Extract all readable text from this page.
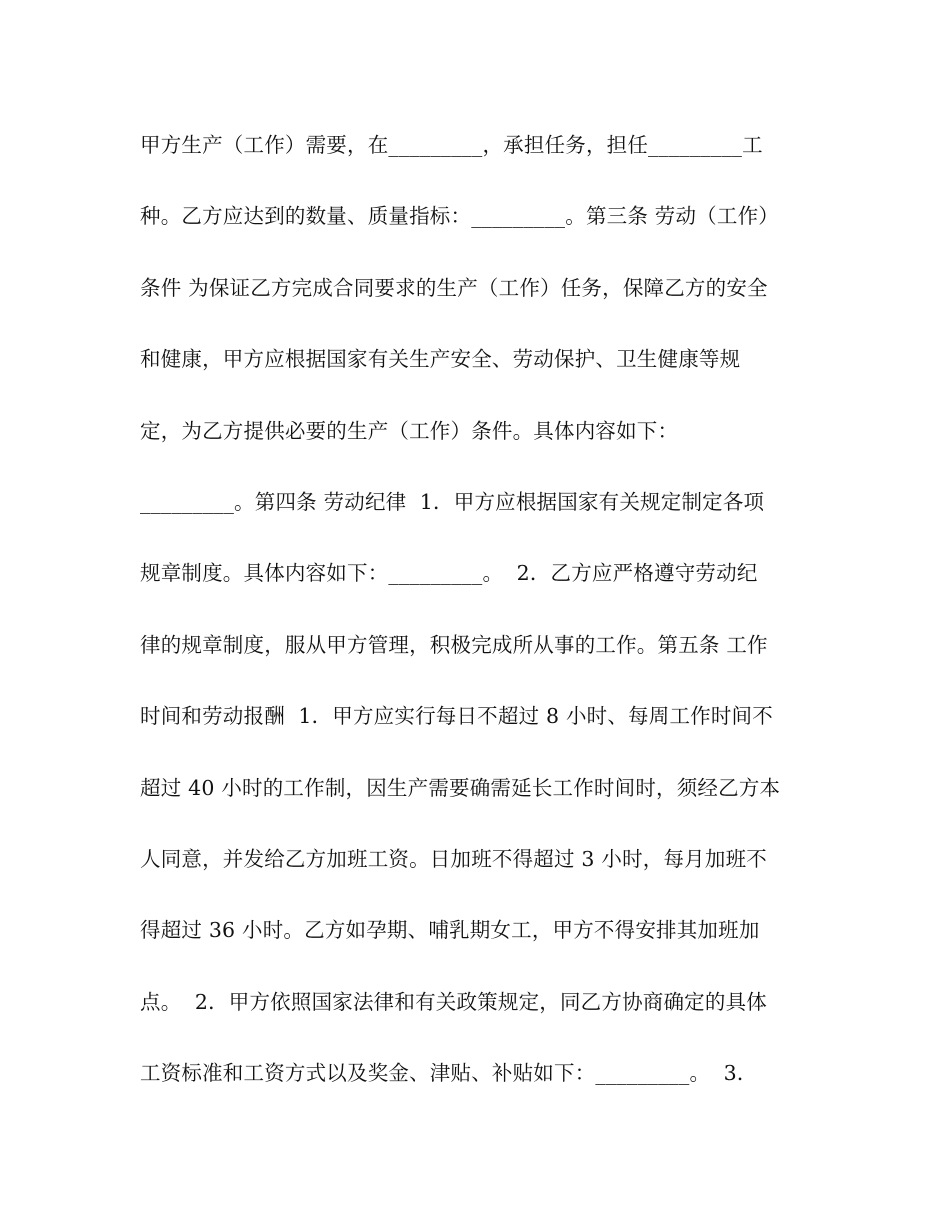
甲方生产（工作）需要，在_________，承担任务，担任_________工
种。乙方应达到的数量、质量指标：_________。第三条 劳动（工作）
条件 为保证乙方完成合同要求的生产（工作）任务，保障乙方的安全
和健康，甲方应根据国家有关生产安全、劳动保护、卫生健康等规
定，为乙方提供必要的生产（工作）条件。具体内容如下：
_________。第四条 劳动纪律  1．甲方应根据国家有关规定制定各项
规章制度。具体内容如下：_________。  2．乙方应严格遵守劳动纪
律的规章制度，服从甲方管理，积极完成所从事的工作。第五条 工作
时间和劳动报酬  1．甲方应实行每日不超过 8 小时、每周工作时间不
超过 40 小时的工作制，因生产需要确需延长工作时间时，须经乙方本
人同意，并发给乙方加班工资。日加班不得超过 3 小时，每月加班不
得超过 36 小时。乙方如孕期、哺乳期女工，甲方不得安排其加班加
点。  2．甲方依照国家法律和有关政策规定，同乙方协商确定的具体
工资标准和工资方式以及奖金、津贴、补贴如下：_________。  3．
